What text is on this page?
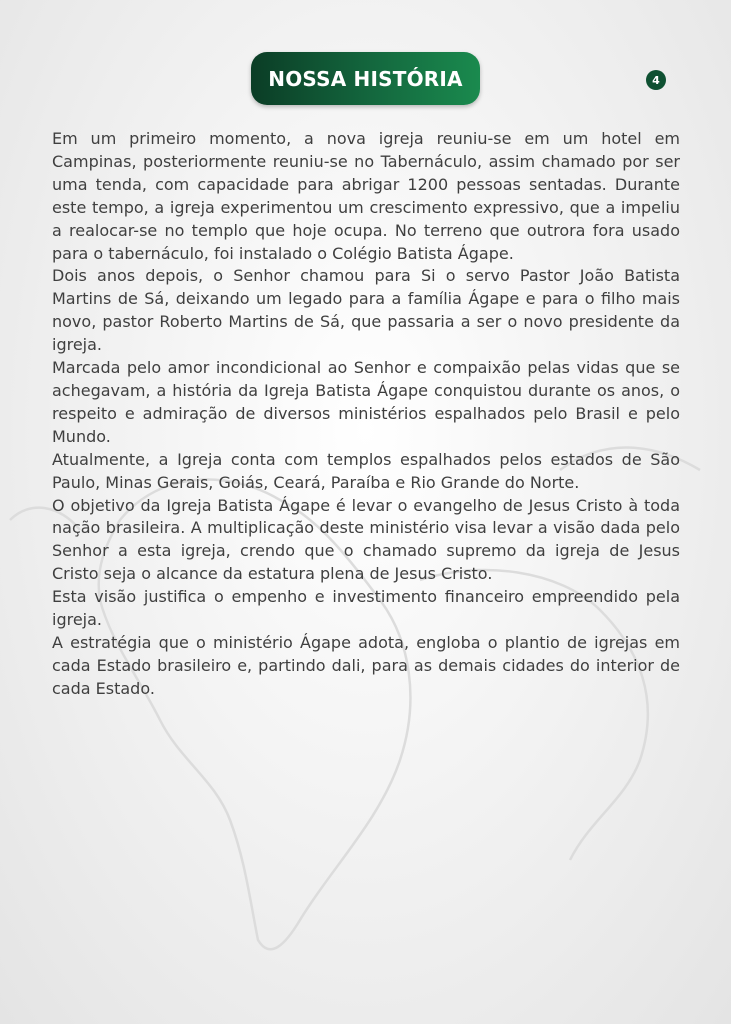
NOSSA HISTÓRIA	4

Em um primeiro momento, a nova igreja reuniu-se em um hotel em Campinas, posteriormente reuniu-se no Tabernáculo, assim chamado por ser uma tenda, com capacidade para abrigar 1200 pessoas sentadas. Durante este tempo, a igreja experimentou um crescimento expressivo, que a impeliu a realocar-se no templo que hoje ocupa. No terreno que outrora fora usado para o tabernáculo, foi instalado o Colégio Batista Ágape.

Dois anos depois, o Senhor chamou para Si o servo Pastor João Batista Martins de Sá, deixando um legado para a família Ágape e para o filho mais novo, pastor Roberto Martins de Sá, que passaria a ser o novo presidente da igreja.

Marcada pelo amor incondicional ao Senhor e compaixão pelas vidas que se achegavam, a história da Igreja Batista Ágape conquistou durante os anos, o respeito e admiração de diversos ministérios espalhados pelo Brasil e pelo Mundo.

Atualmente, a Igreja conta com templos espalhados pelos estados de São Paulo, Minas Gerais, Goiás, Ceará, Paraíba e Rio Grande do Norte.

O objetivo da Igreja Batista Ágape é levar o evangelho de Jesus Cristo à toda nação brasileira. A multiplicação deste ministério visa levar a visão dada pelo Senhor a esta igreja, crendo que o chamado supremo da igreja de Jesus Cristo seja o alcance da estatura plena de Jesus Cristo.

Esta visão justifica o empenho e investimento financeiro empreendido pela igreja.

A estratégia que o ministério Ágape adota, engloba o plantio de igrejas em cada Estado brasileiro e, partindo dali, para as demais cidades do interior de cada Estado.
